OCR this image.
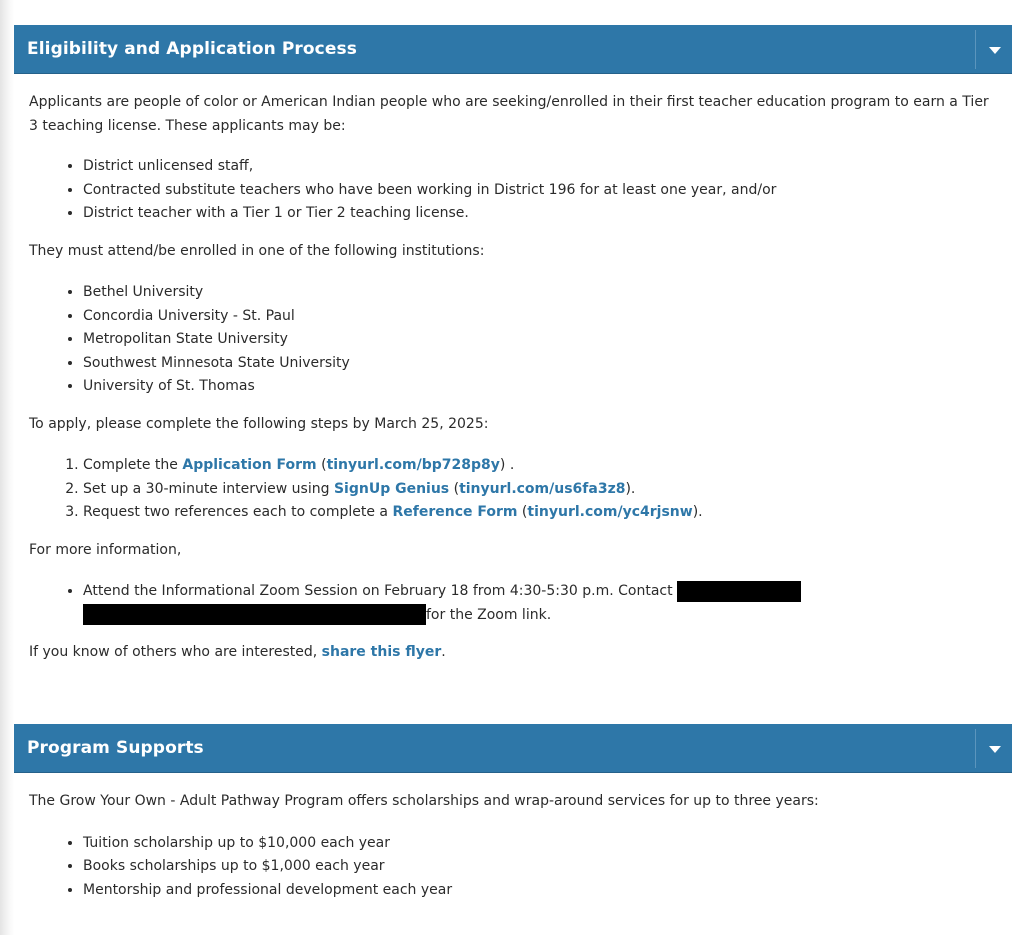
Eligibility and Application Process

Applicants are people of color or American Indian people who are seeking/enrolled in their first teacher education program to earn a Tier 3 teaching license. These applicants may be:

• District unlicensed staff,
• Contracted substitute teachers who have been working in District 196 for at least one year, and/or
• District teacher with a Tier 1 or Tier 2 teaching license.

They must attend/be enrolled in one of the following institutions:

• Bethel University
• Concordia University - St. Paul
• Metropolitan State University
• Southwest Minnesota State University
• University of St. Thomas

To apply, please complete the following steps by March 25, 2025:

1. Complete the Application Form (tinyurl.com/bp728p8y) .
2. Set up a 30-minute interview using SignUp Genius (tinyurl.com/us6fa3z8).
3. Request two references each to complete a Reference Form (tinyurl.com/yc4rjsnw).

For more information,

• Attend the Informational Zoom Session on February 18 from 4:30-5:30 p.m. Contact
for the Zoom link.

If you know of others who are interested, share this flyer.

Program Supports

The Grow Your Own - Adult Pathway Program offers scholarships and wrap-around services for up to three years:

• Tuition scholarship up to $10,000 each year
• Books scholarships up to $1,000 each year
• Mentorship and professional development each year
